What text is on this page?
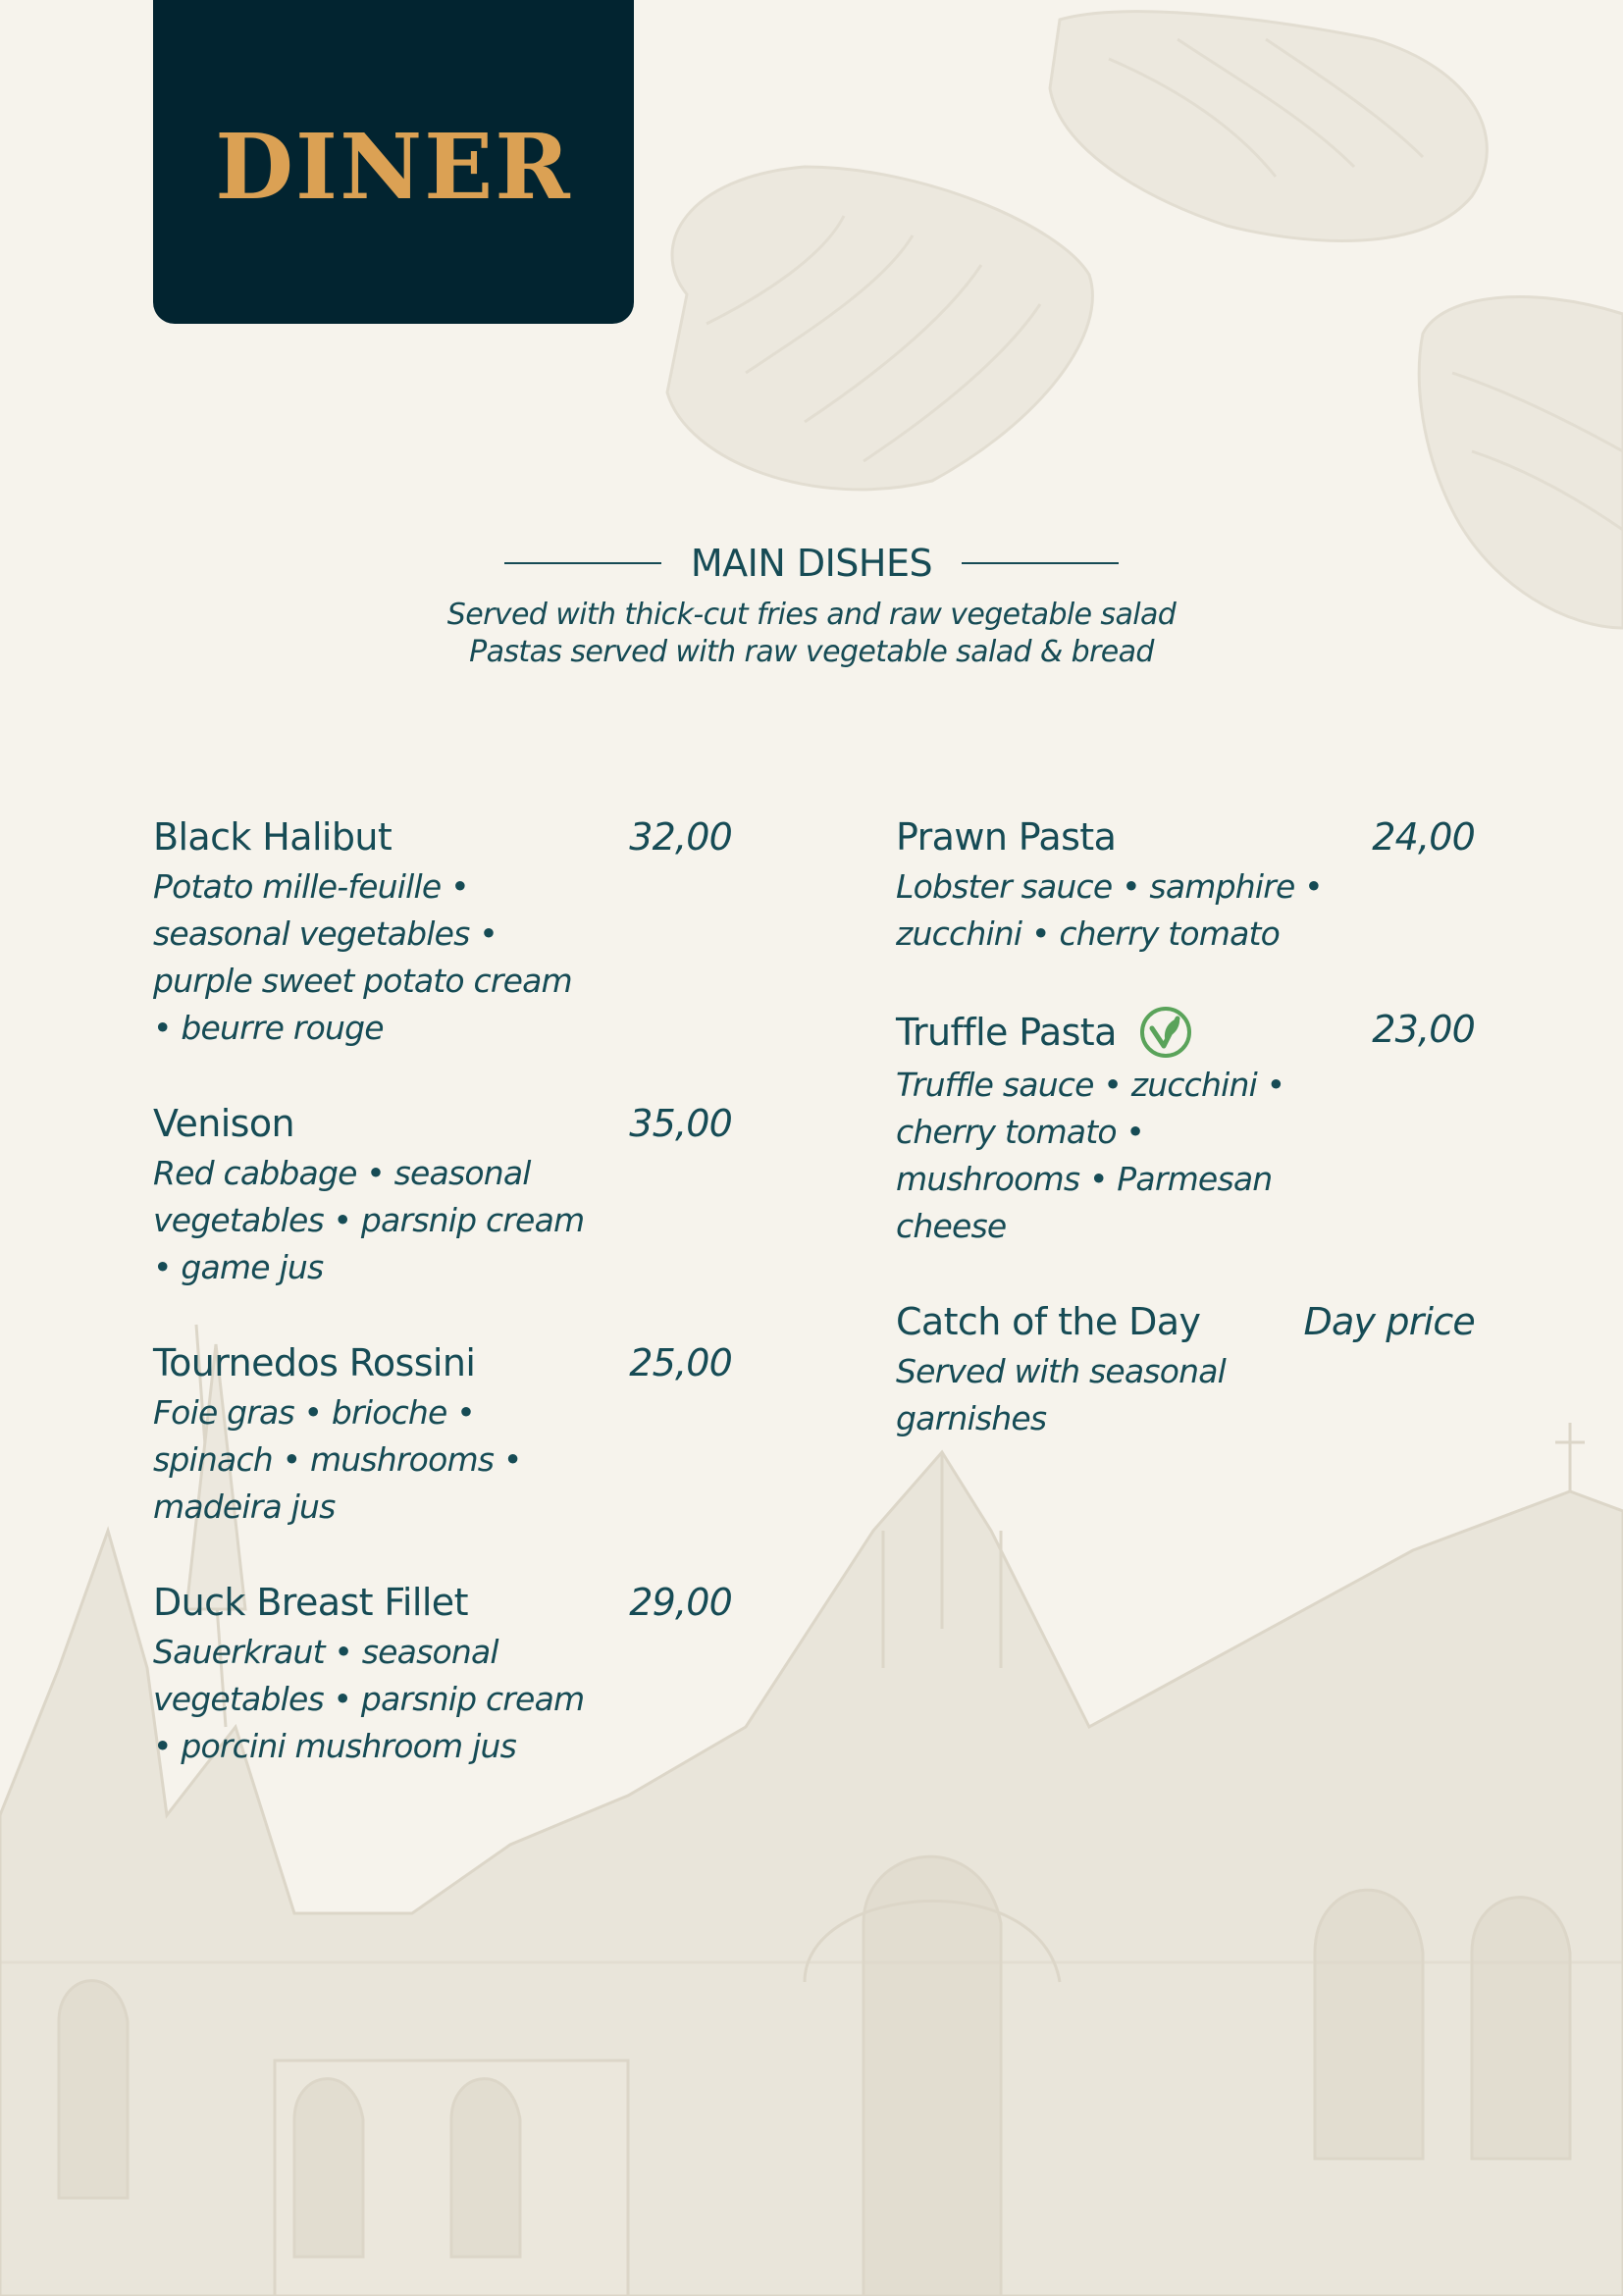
DINER
MAIN DISHES
Served with thick-cut fries and raw vegetable salad
Pastas served with raw vegetable salad & bread
Black Halibut	32,00
Potato mille-feuille • seasonal vegetables • purple sweet potato cream • beurre rouge
Venison	35,00
Red cabbage • seasonal vegetables • parsnip cream • game jus
Tournedos Rossini	25,00
Foie gras • brioche • spinach • mushrooms • madeira jus
Duck Breast Fillet	29,00
Sauerkraut • seasonal vegetables • parsnip cream • porcini mushroom jus
Prawn Pasta	24,00
Lobster sauce • samphire • zucchini • cherry tomato
Truffle Pasta	23,00
Truffle sauce • zucchini • cherry tomato • mushrooms • Parmesan cheese
Catch of the Day	Day price
Served with seasonal garnishes
